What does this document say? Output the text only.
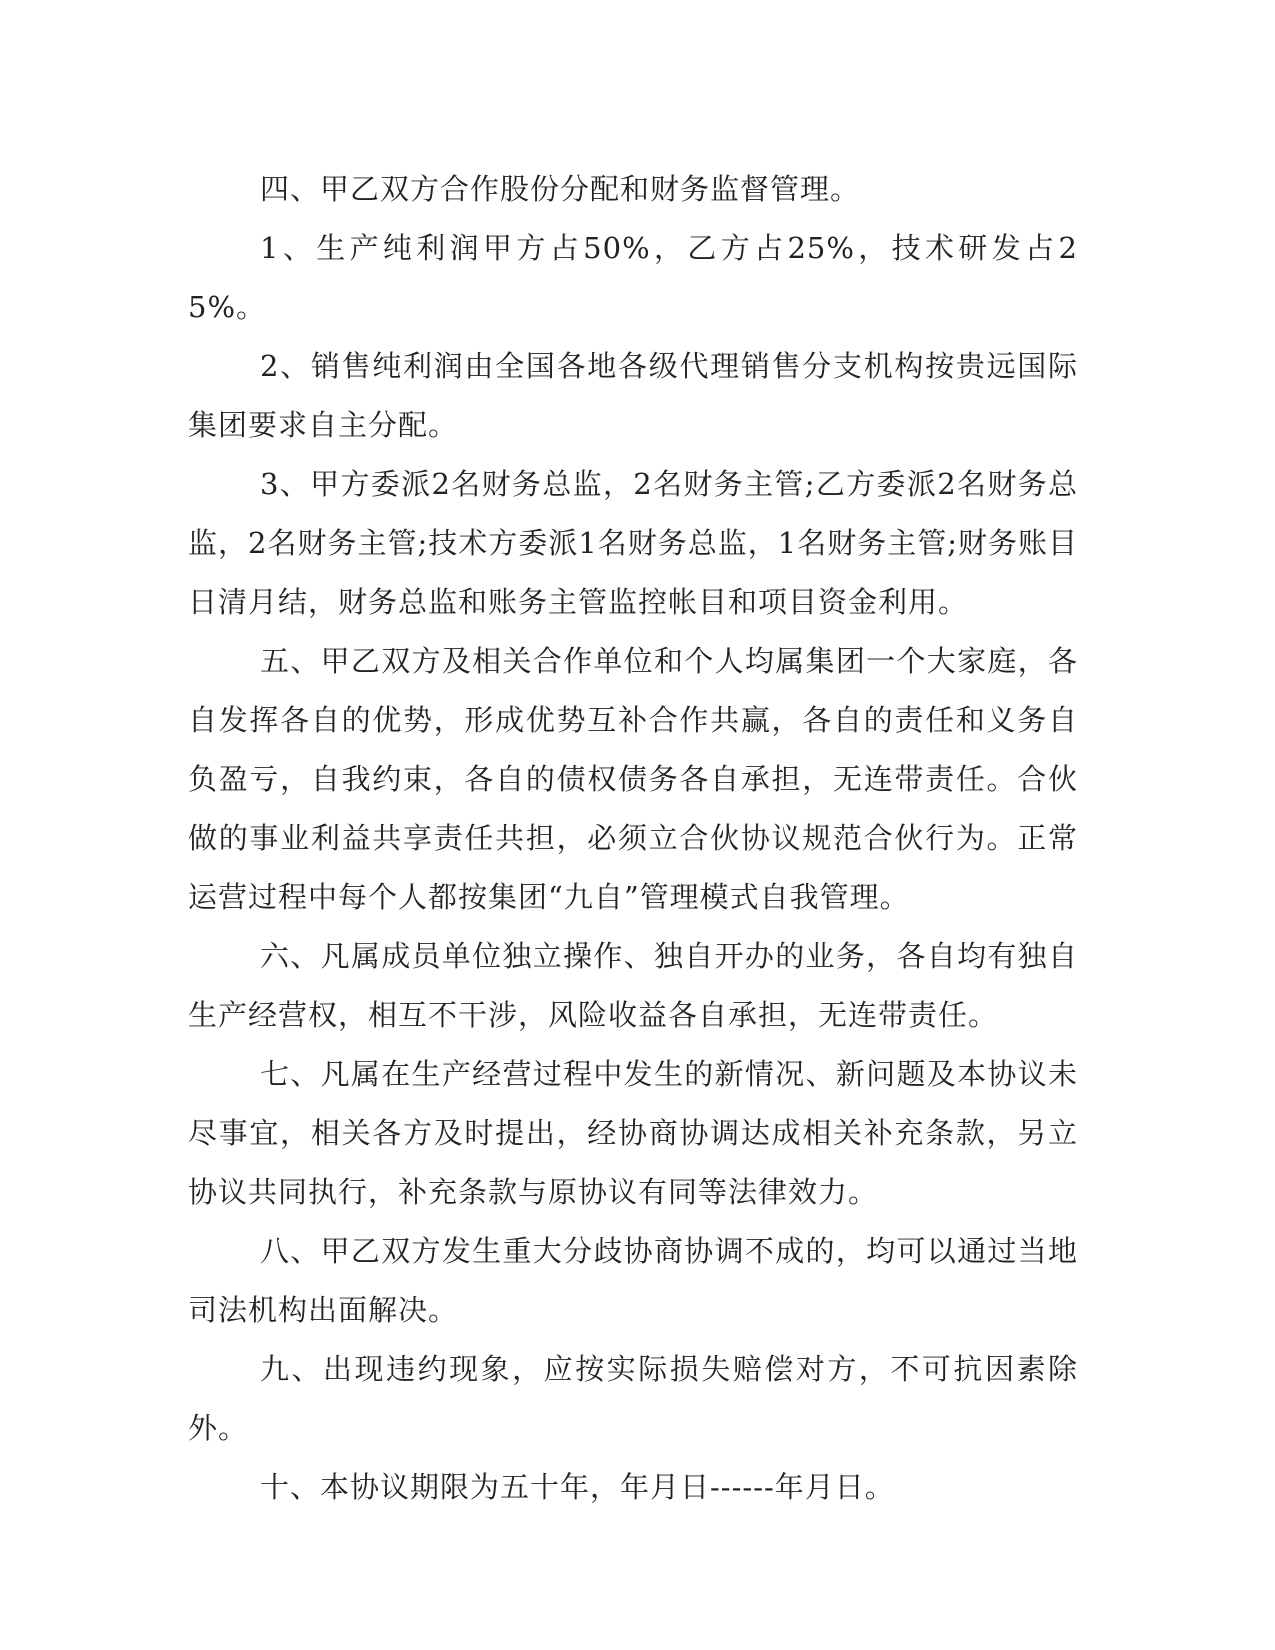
四、甲乙双方合作股份分配和财务监督管理。

1、生产纯利润甲方占50%，乙方占25%，技术研发占25%。

2、销售纯利润由全国各地各级代理销售分支机构按贵远国际集团要求自主分配。

3、甲方委派2名财务总监，2名财务主管;乙方委派2名财务总监，2名财务主管;技术方委派1名财务总监，1名财务主管;财务账目日清月结，财务总监和账务主管监控帐目和项目资金利用。

五、甲乙双方及相关合作单位和个人均属集团一个大家庭，各自发挥各自的优势，形成优势互补合作共赢，各自的责任和义务自负盈亏，自我约束，各自的债权债务各自承担，无连带责任。合伙做的事业利益共享责任共担，必须立合伙协议规范合伙行为。正常运营过程中每个人都按集团“九自”管理模式自我管理。

六、凡属成员单位独立操作、独自开办的业务，各自均有独自生产经营权，相互不干涉，风险收益各自承担，无连带责任。

七、凡属在生产经营过程中发生的新情况、新问题及本协议未尽事宜，相关各方及时提出，经协商协调达成相关补充条款，另立协议共同执行，补充条款与原协议有同等法律效力。

八、甲乙双方发生重大分歧协商协调不成的，均可以通过当地司法机构出面解决。

九、出现违约现象，应按实际损失赔偿对方，不可抗因素除外。

十、本协议期限为五十年，年月日------年月日。
